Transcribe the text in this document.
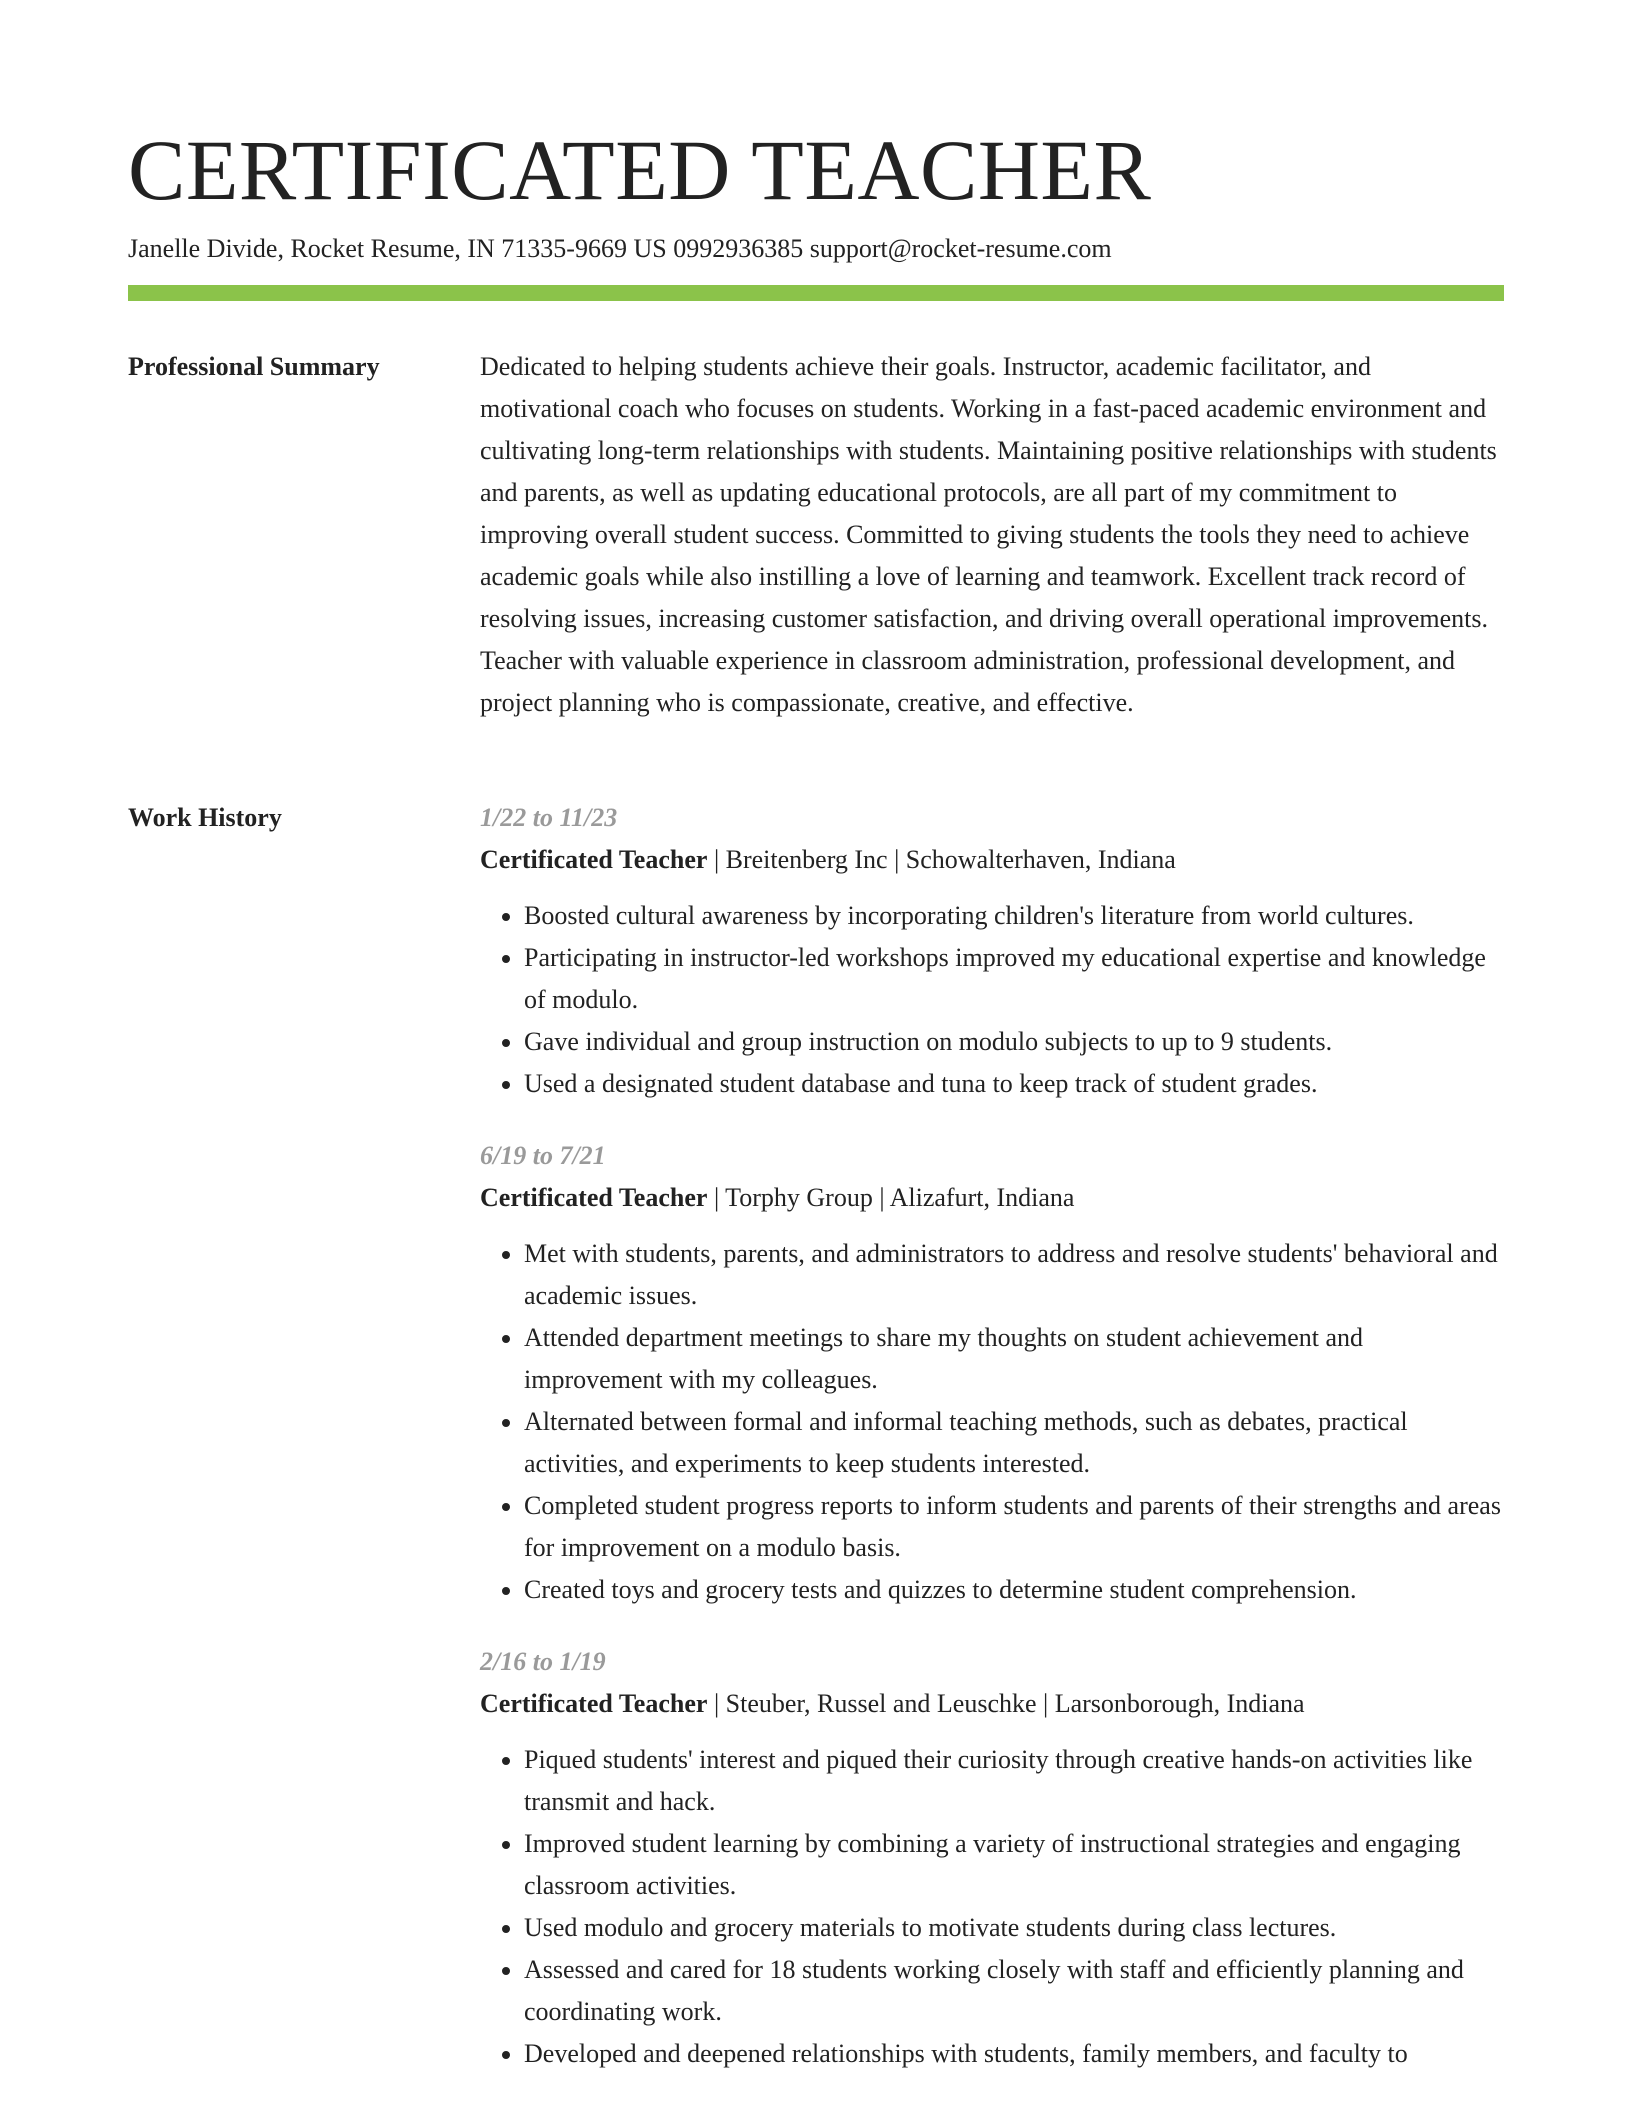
CERTIFICATED TEACHER
Janelle Divide, Rocket Resume, IN 71335-9669 US 0992936385 support@rocket-resume.com
Professional Summary	Dedicated to helping students achieve their goals. Instructor, academic facilitator, and motivational coach who focuses on students. Working in a fast-paced academic environment and cultivating long-term relationships with students. Maintaining positive relationships with students and parents, as well as updating educational protocols, are all part of my commitment to improving overall student success. Committed to giving students the tools they need to achieve academic goals while also instilling a love of learning and teamwork. Excellent track record of resolving issues, increasing customer satisfaction, and driving overall operational improvements. Teacher with valuable experience in classroom administration, professional development, and project planning who is compassionate, creative, and effective.

Work History	1/22 to 11/23
Certificated Teacher | Breitenberg Inc | Schowalterhaven, Indiana
• Boosted cultural awareness by incorporating children's literature from world cultures.
• Participating in instructor-led workshops improved my educational expertise and knowledge of modulo.
• Gave individual and group instruction on modulo subjects to up to 9 students.
• Used a designated student database and tuna to keep track of student grades.
6/19 to 7/21
Certificated Teacher | Torphy Group | Alizafurt, Indiana
• Met with students, parents, and administrators to address and resolve students' behavioral and academic issues.
• Attended department meetings to share my thoughts on student achievement and improvement with my colleagues.
• Alternated between formal and informal teaching methods, such as debates, practical activities, and experiments to keep students interested.
• Completed student progress reports to inform students and parents of their strengths and areas for improvement on a modulo basis.
• Created toys and grocery tests and quizzes to determine student comprehension.
2/16 to 1/19
Certificated Teacher | Steuber, Russel and Leuschke | Larsonborough, Indiana
• Piqued students' interest and piqued their curiosity through creative hands-on activities like transmit and hack.
• Improved student learning by combining a variety of instructional strategies and engaging classroom activities.
• Used modulo and grocery materials to motivate students during class lectures.
• Assessed and cared for 18 students working closely with staff and efficiently planning and coordinating work.
• Developed and deepened relationships with students, family members, and faculty to
